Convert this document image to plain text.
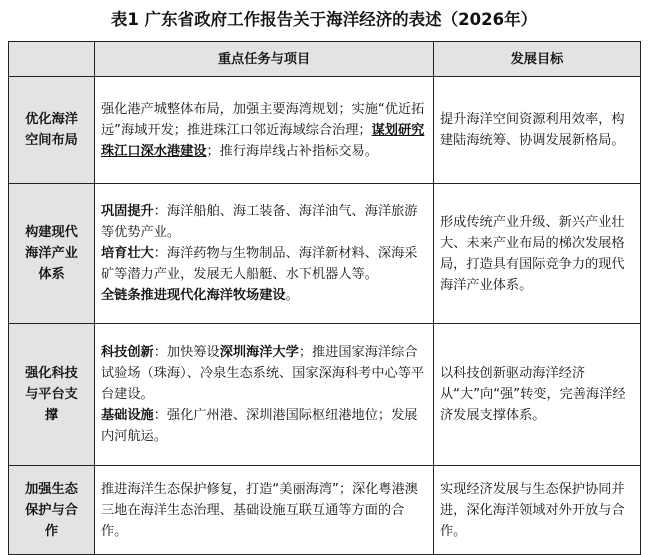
表1 广东省政府工作报告关于海洋经济的表述（2026年）
	重点任务与项目	发展目标

优化海洋
空间布局	强化港产城整体布局，加强主要海湾规划；实施“优近拓远”海域开发；推进珠江口邻近海域综合治理；谋划研究珠江口深水港建设；推行海岸线占补指标交易。	提升海洋空间资源利用效率，构建陆海统筹、协调发展新格局。

构建现代
海洋产业
体系	巩固提升：海洋船舶、海工装备、海洋油气、海洋旅游等优势产业。
培育壮大：海洋药物与生物制品、海洋新材料、深海采矿等潜力产业，发展无人船艇、水下机器人等。
全链条推进现代化海洋牧场建设。	形成传统产业升级、新兴产业壮大、未来产业布局的梯次发展格局，打造具有国际竞争力的现代海洋产业体系。

强化科技
与平台支
撑	科技创新：加快筹设深圳海洋大学；推进国家海洋综合试验场（珠海）、冷泉生态系统、国家深海科考中心等平台建设。
基础设施：强化广州港、深圳港国际枢纽港地位；发展内河航运。	以科技创新驱动海洋经济从“大”向“强”转变，完善海洋经济发展支撑体系。

加强生态
保护与合
作	推进海洋生态保护修复，打造“美丽海湾”；深化粤港澳三地在海洋生态治理、基础设施互联互通等方面的合作。	实现经济发展与生态保护协同并进，深化海洋领域对外开放与合作。
